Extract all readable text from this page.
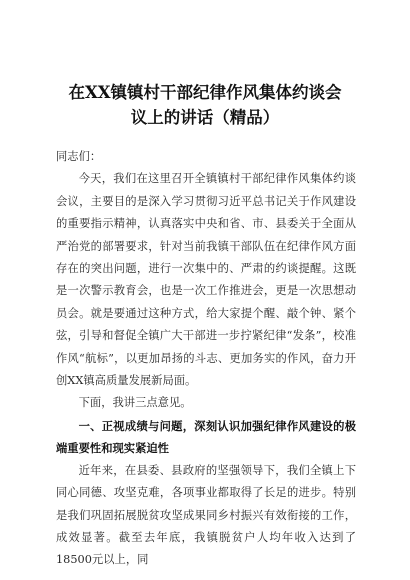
在XX镇镇村干部纪律作风集体约谈会
议上的讲话（精品）

同志们：

今天，我们在这里召开全镇镇村干部纪律作风集体约谈会议，主要目的是深入学习贯彻习近平总书记关于作风建设的重要指示精神，认真落实中央和省、市、县委关于全面从严治党的部署要求，针对当前我镇干部队伍在纪律作风方面存在的突出问题，进行一次集中的、严肃的约谈提醒。这既是一次警示教育会，也是一次工作推进会，更是一次思想动员会。就是要通过这种方式，给大家提个醒、敲个钟、紧个弦，引导和督促全镇广大干部进一步拧紧纪律“发条”，校准作风“航标”，以更加昂扬的斗志、更加务实的作风，奋力开创XX镇高质量发展新局面。

下面，我讲三点意见。

一、正视成绩与问题，深刻认识加强纪律作风建设的极端重要性和现实紧迫性

近年来，在县委、县政府的坚强领导下，我们全镇上下同心同德、攻坚克难，各项事业都取得了长足的进步。特别是我们巩固拓展脱贫攻坚成果同乡村振兴有效衔接的工作，成效显著。截至去年底，我镇脱贫户人均年收入达到了18500元以上，同
